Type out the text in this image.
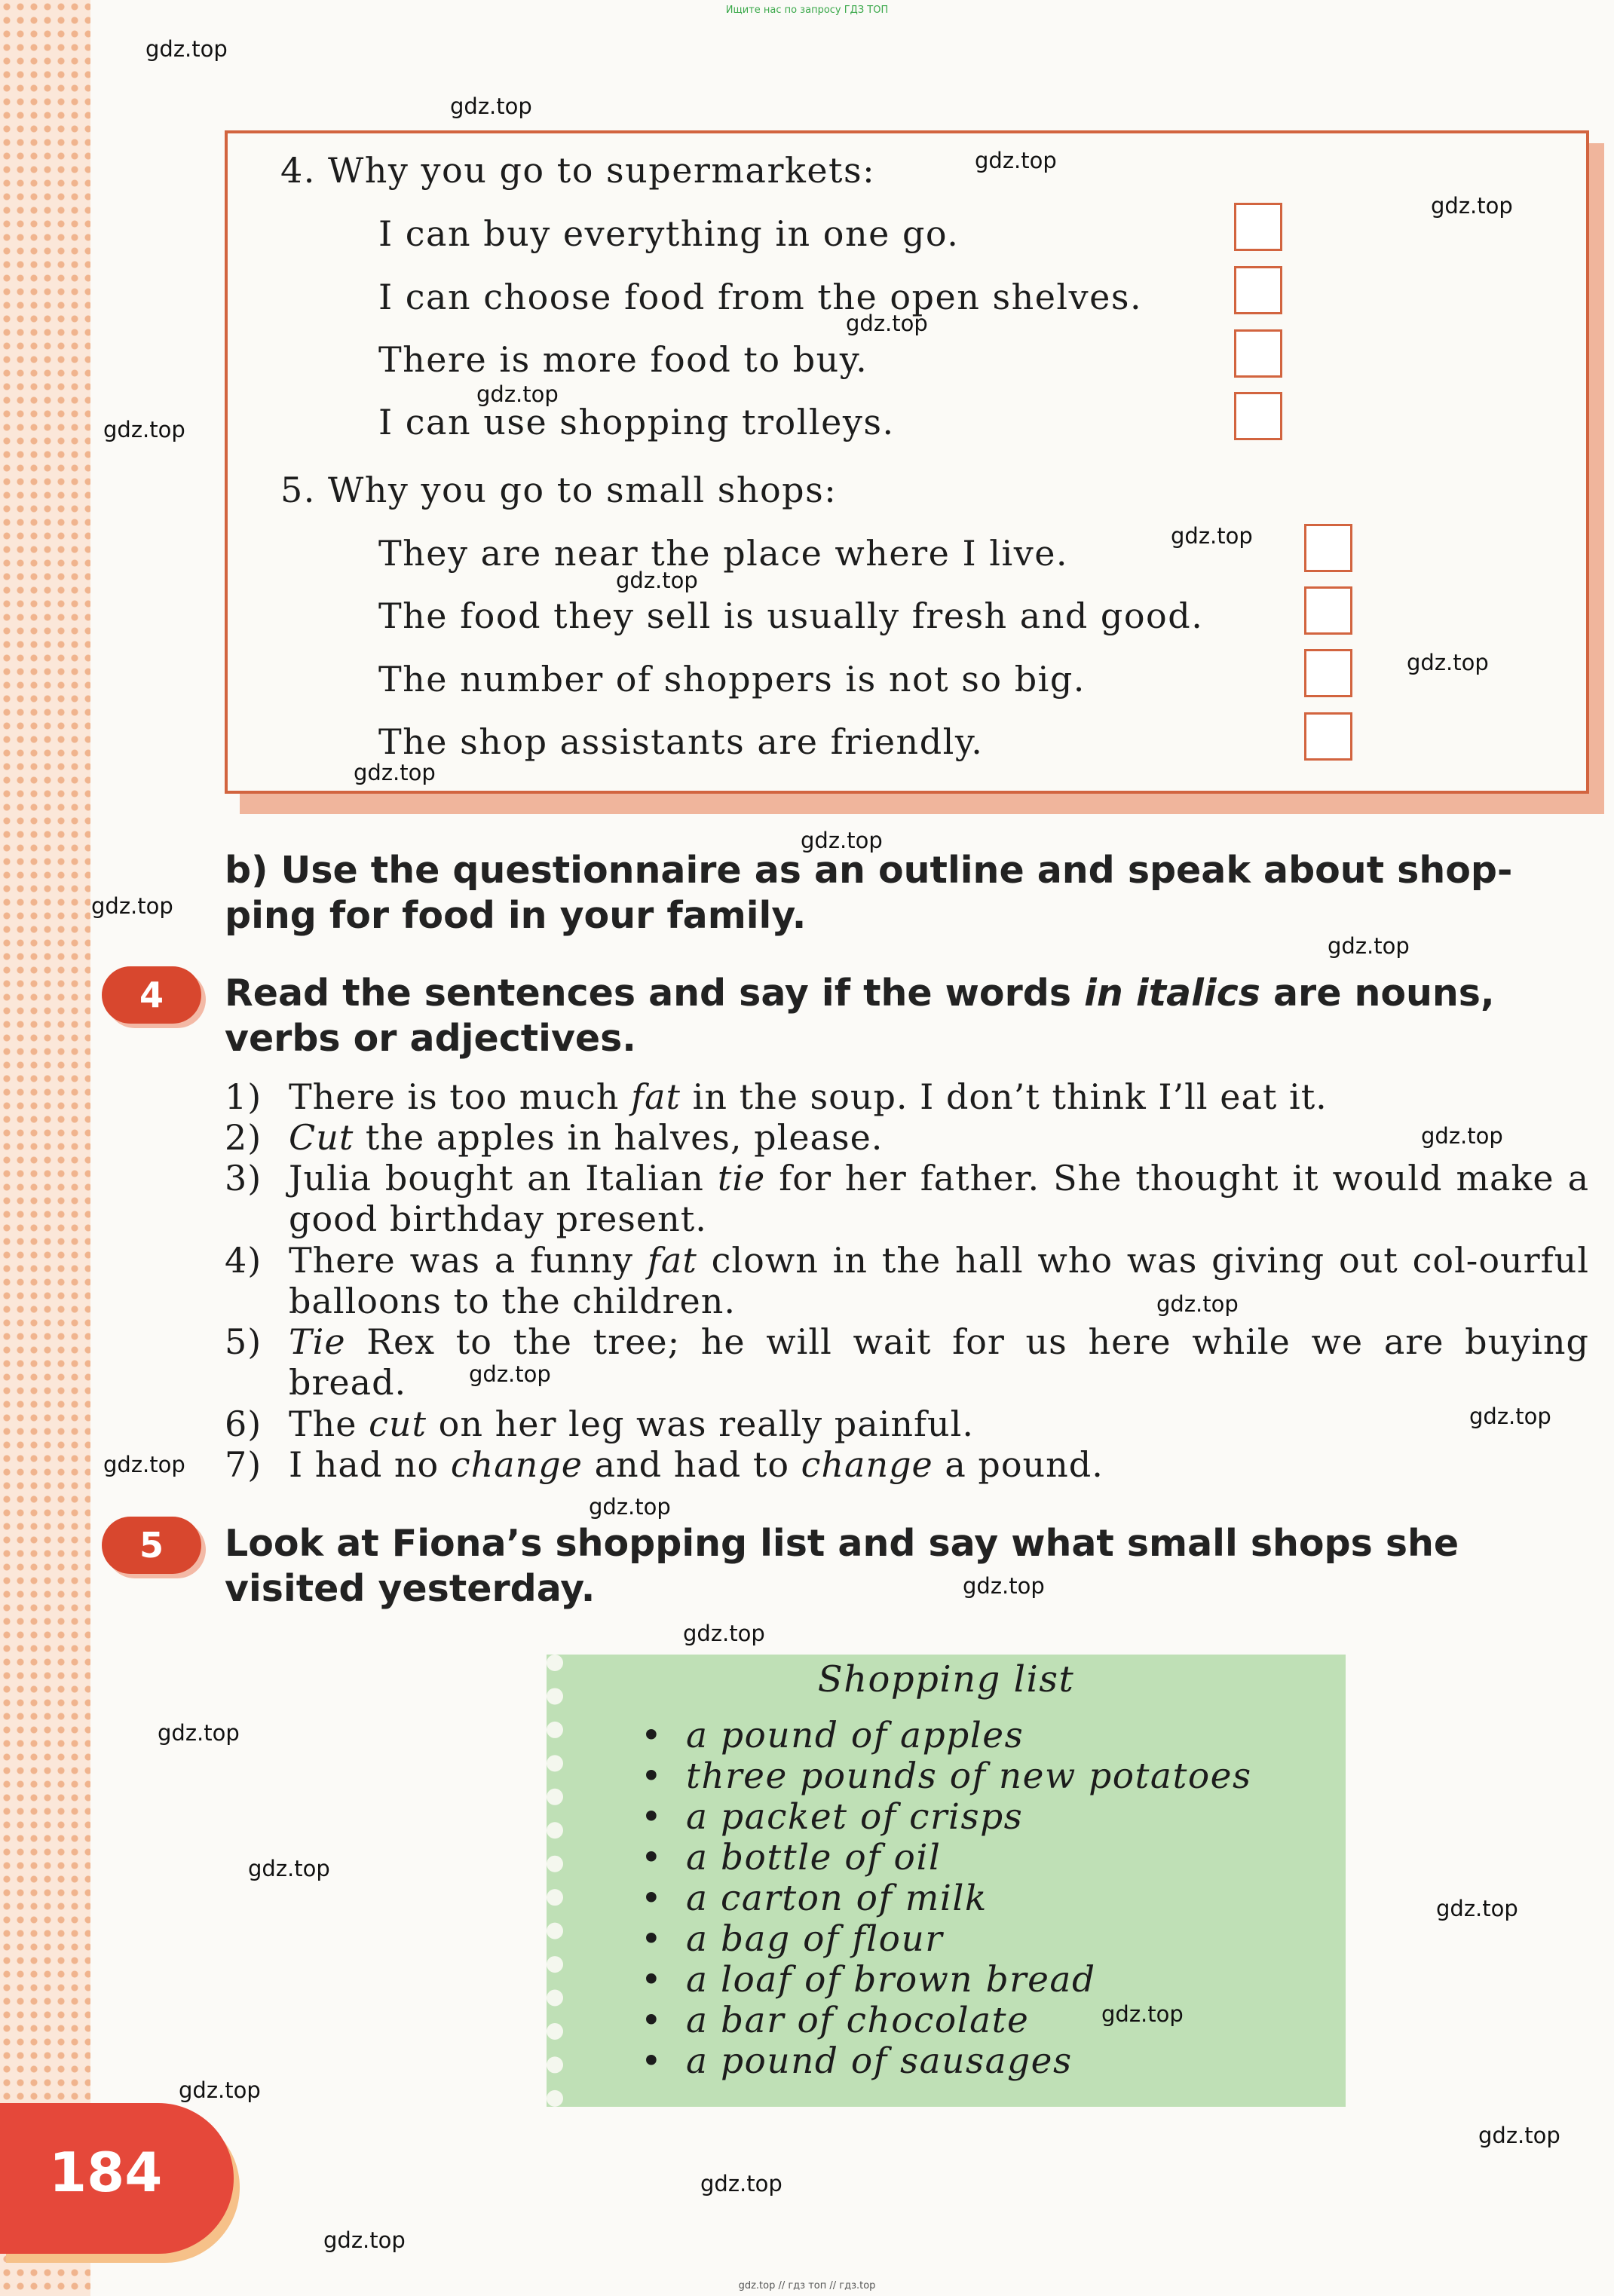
Ищите нас по запросу ГДЗ ТОП
4. Why you go to supermarkets:
I can buy everything in one go.
I can choose food from the open shelves.
There is more food to buy.
I can use shopping trolleys.
5. Why you go to small shops:
They are near the place where I live.
The food they sell is usually fresh and good.
The number of shoppers is not so big.
The shop assistants are friendly.
b) Use the questionnaire as an outline and speak about shop-ping for food in your family.
4	Read the sentences and say if the words in italics are nouns, verbs or adjectives.
1) There is too much fat in the soup. I don’t think I’ll eat it.
2) Cut the apples in halves, please.
3) Julia bought an Italian tie for her father. She thought it would make a good birthday present.
4) There was a funny fat clown in the hall who was giving out col-ourful balloons to the children.
5) Tie Rex to the tree; he will wait for us here while we are buying bread.
6) The cut on her leg was really painful.
7) I had no change and had to change a pound.
5	Look at Fiona’s shopping list and say what small shops she visited yesterday.
Shopping list
• a pound of apples
• three pounds of new potatoes
• a packet of crisps
• a bottle of oil
• a carton of milk
• a bag of flour
• a loaf of brown bread
• a bar of chocolate
• a pound of sausages
184
gdz.top
gdz.top
gdz.top
gdz.top
gdz.top
gdz.top
gdz.top
gdz.top
gdz.top
gdz.top
gdz.top
gdz.top
gdz.top
gdz.top
gdz.top
gdz.top
gdz.top
gdz.top
gdz.top
gdz.top
gdz.top
gdz.top
gdz.top
gdz.top
gdz.top
gdz.top
gdz.top
gdz.top
gdz.top
gdz.top
gdz.top // гдз топ // гдз.top
